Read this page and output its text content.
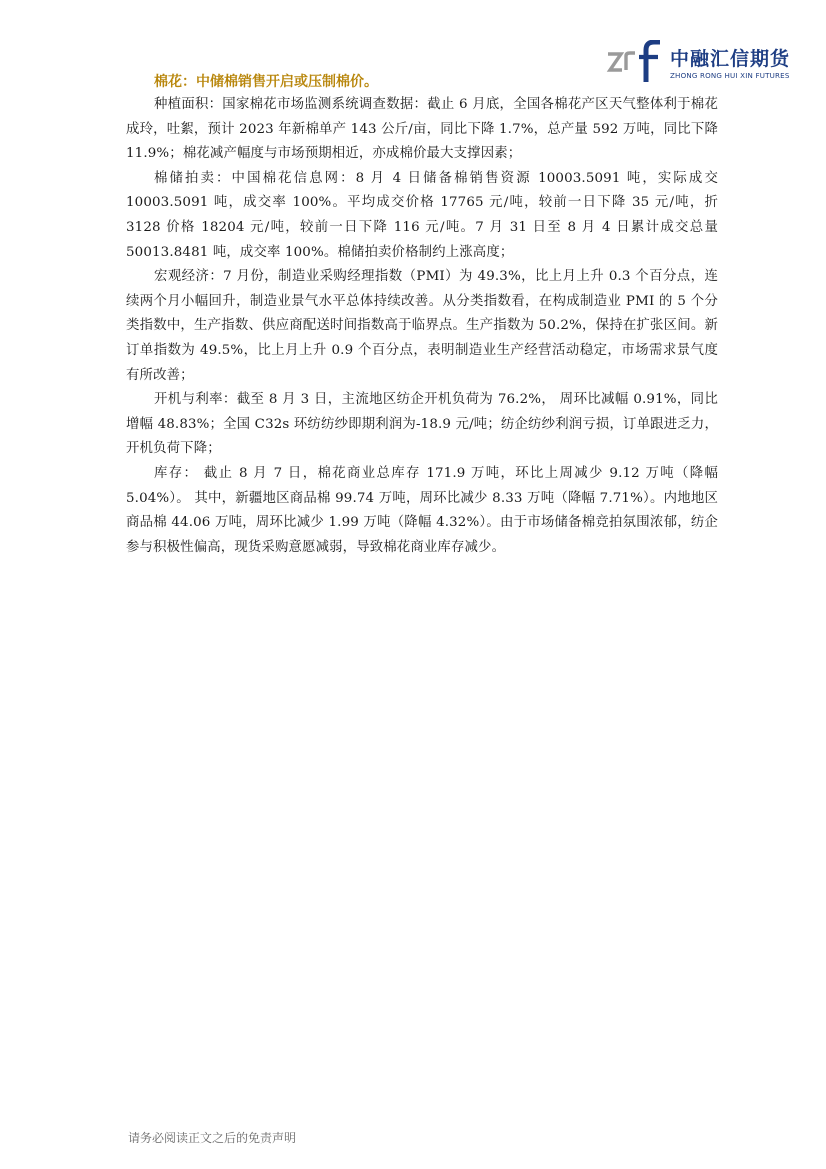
中融汇信期货
ZHONG RONG HUI XIN FUTURES
棉花：中储棉销售开启或压制棉价。

种植面积：国家棉花市场监测系统调查数据：截止 6 月底，全国各棉花产区天气整体利于棉花成玲，吐絮，预计 2023 年新棉单产 143 公斤/亩，同比下降 1.7%，总产量 592 万吨，同比下降 11.9%；棉花减产幅度与市场预期相近，亦成棉价最大支撑因素；

棉储拍卖：中国棉花信息网：8 月 4 日储备棉销售资源 10003.5091 吨，实际成交 10003.5091 吨，成交率 100%。平均成交价格 17765 元/吨，较前一日下降 35 元/吨，折 3128 价格 18204 元/吨，较前一日下降 116 元/吨。7 月 31 日至 8 月 4 日累计成交总量 50013.8481 吨，成交率 100%。棉储拍卖价格制约上涨高度；

宏观经济：7 月份，制造业采购经理指数（PMI）为 49.3%，比上月上升 0.3 个百分点，连续两个月小幅回升，制造业景气水平总体持续改善。从分类指数看，在构成制造业 PMI 的 5 个分类指数中，生产指数、供应商配送时间指数高于临界点。生产指数为 50.2%，保持在扩张区间。新订单指数为 49.5%，比上月上升 0.9 个百分点，表明制造业生产经营活动稳定，市场需求景气度有所改善；

开机与利率：截至 8 月 3 日，主流地区纺企开机负荷为 76.2%， 周环比减幅 0.91%，同比增幅 48.83%；全国 C32s 环纺纺纱即期利润为-18.9 元/吨；纺企纺纱利润亏损，订单跟进乏力，开机负荷下降；

库存： 截止 8 月 7 日，棉花商业总库存 171.9 万吨，环比上周减少 9.12 万吨（降幅 5.04%）。 其中，新疆地区商品棉 99.74 万吨，周环比减少 8.33 万吨（降幅 7.71%）。内地地区商品棉 44.06 万吨，周环比减少 1.99 万吨（降幅 4.32%）。由于市场储备棉竞拍氛围浓郁，纺企参与积极性偏高，现货采购意愿减弱，导致棉花商业库存减少。

请务必阅读正文之后的免责声明
